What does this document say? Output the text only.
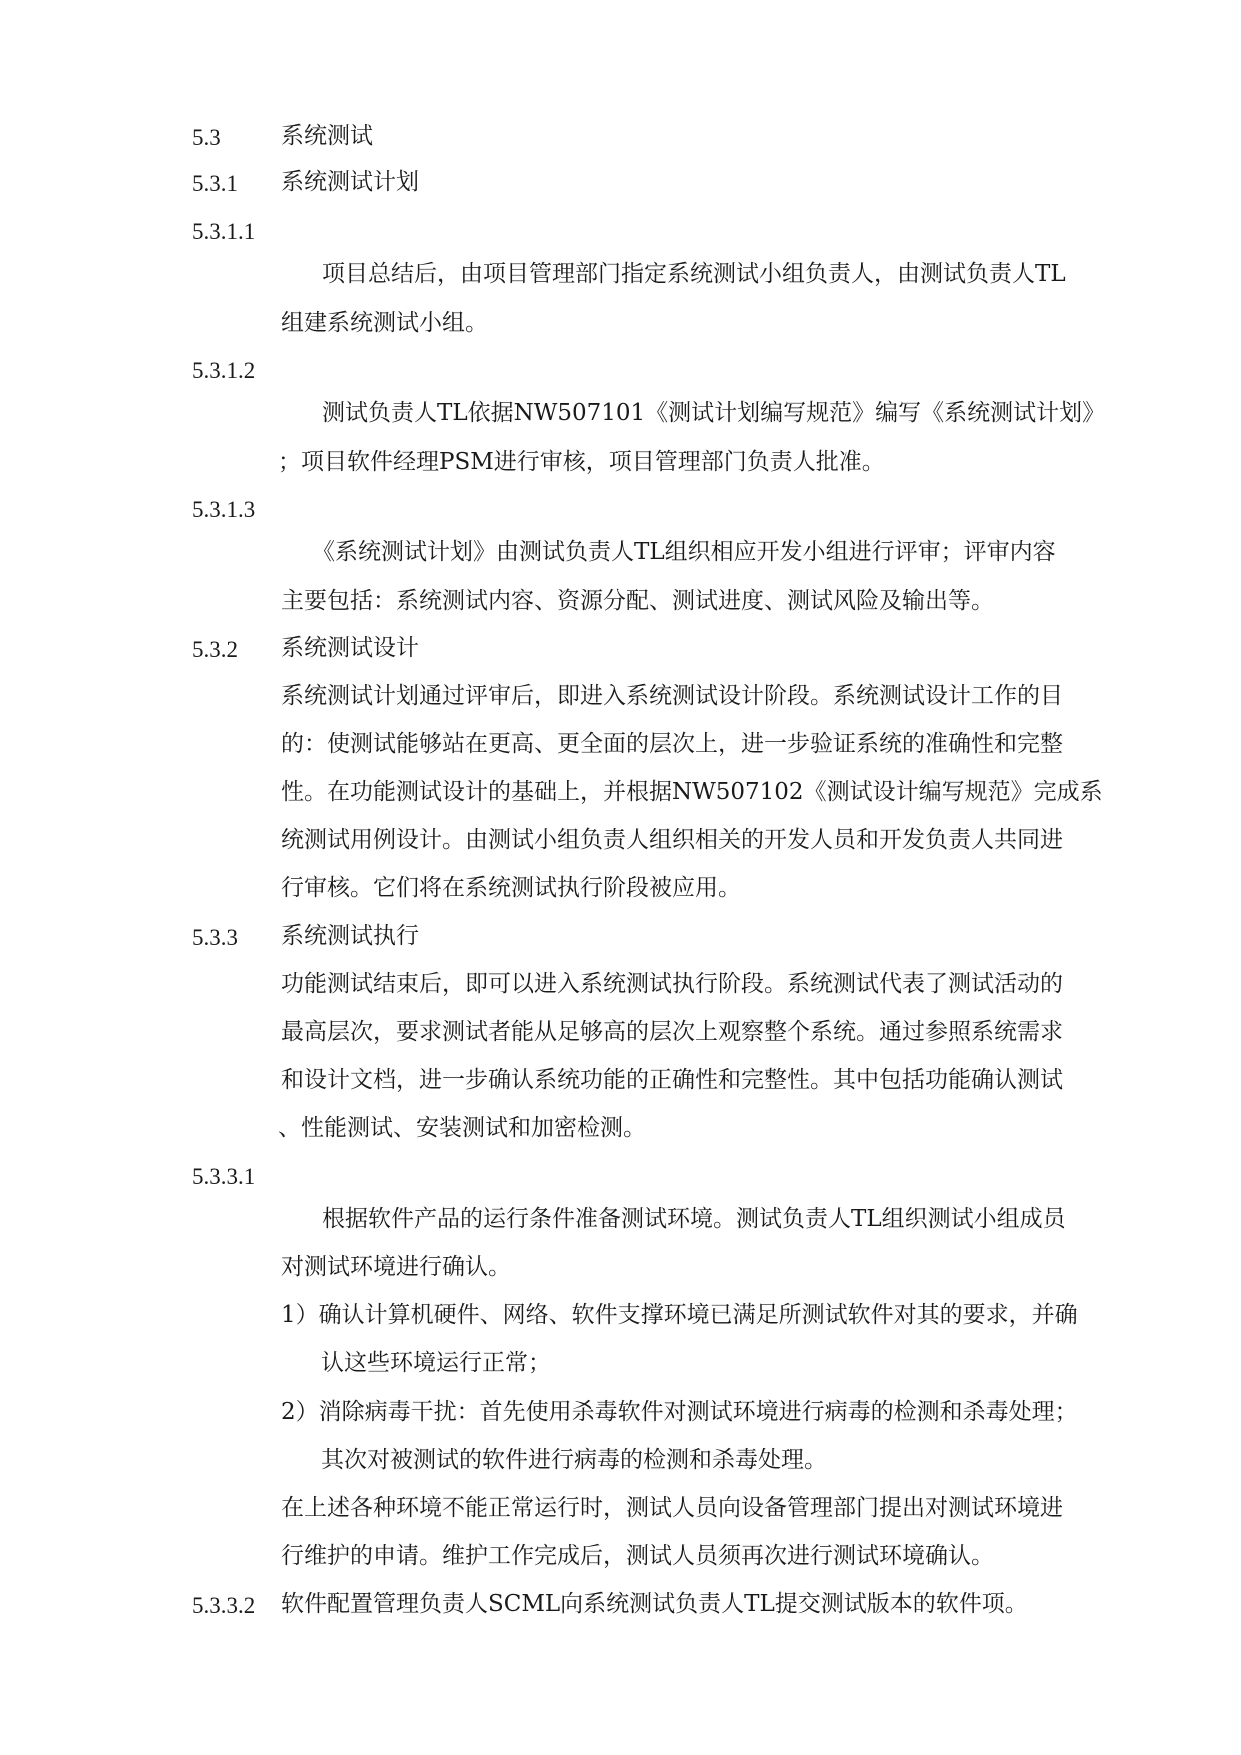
5.3	系统测试
5.3.1 系统测试计划
5.3.1.1
项目总结后，由项目管理部门指定系统测试小组负责人，由测试负责人TL
组建系统测试小组。
5.3.1.2
测试负责人TL依据NW507101《测试计划编写规范》编写《系统测试计划》
；项目软件经理PSM进行审核，项目管理部门负责人批准。
5.3.1.3
《系统测试计划》由测试负责人TL组织相应开发小组进行评审；评审内容
主要包括：系统测试内容、资源分配、测试进度、测试风险及输出等。
5.3.2 系统测试设计
系统测试计划通过评审后，即进入系统测试设计阶段。系统测试设计工作的目
的：使测试能够站在更高、更全面的层次上，进一步验证系统的准确性和完整
性。在功能测试设计的基础上，并根据NW507102《测试设计编写规范》完成系
统测试用例设计。由测试小组负责人组织相关的开发人员和开发负责人共同进
行审核。它们将在系统测试执行阶段被应用。
5.3.3 系统测试执行
功能测试结束后，即可以进入系统测试执行阶段。系统测试代表了测试活动的
最高层次，要求测试者能从足够高的层次上观察整个系统。通过参照系统需求
和设计文档，进一步确认系统功能的正确性和完整性。其中包括功能确认测试
、性能测试、安装测试和加密检测。
5.3.3.1
根据软件产品的运行条件准备测试环境。测试负责人TL组织测试小组成员
对测试环境进行确认。
1）确认计算机硬件、网络、软件支撑环境已满足所测试软件对其的要求，并确
认这些环境运行正常；
2）消除病毒干扰：首先使用杀毒软件对测试环境进行病毒的检测和杀毒处理；
其次对被测试的软件进行病毒的检测和杀毒处理。
在上述各种环境不能正常运行时，测试人员向设备管理部门提出对测试环境进
行维护的申请。维护工作完成后，测试人员须再次进行测试环境确认。
5.3.3.2 软件配置管理负责人SCML向系统测试负责人TL提交测试版本的软件项。
